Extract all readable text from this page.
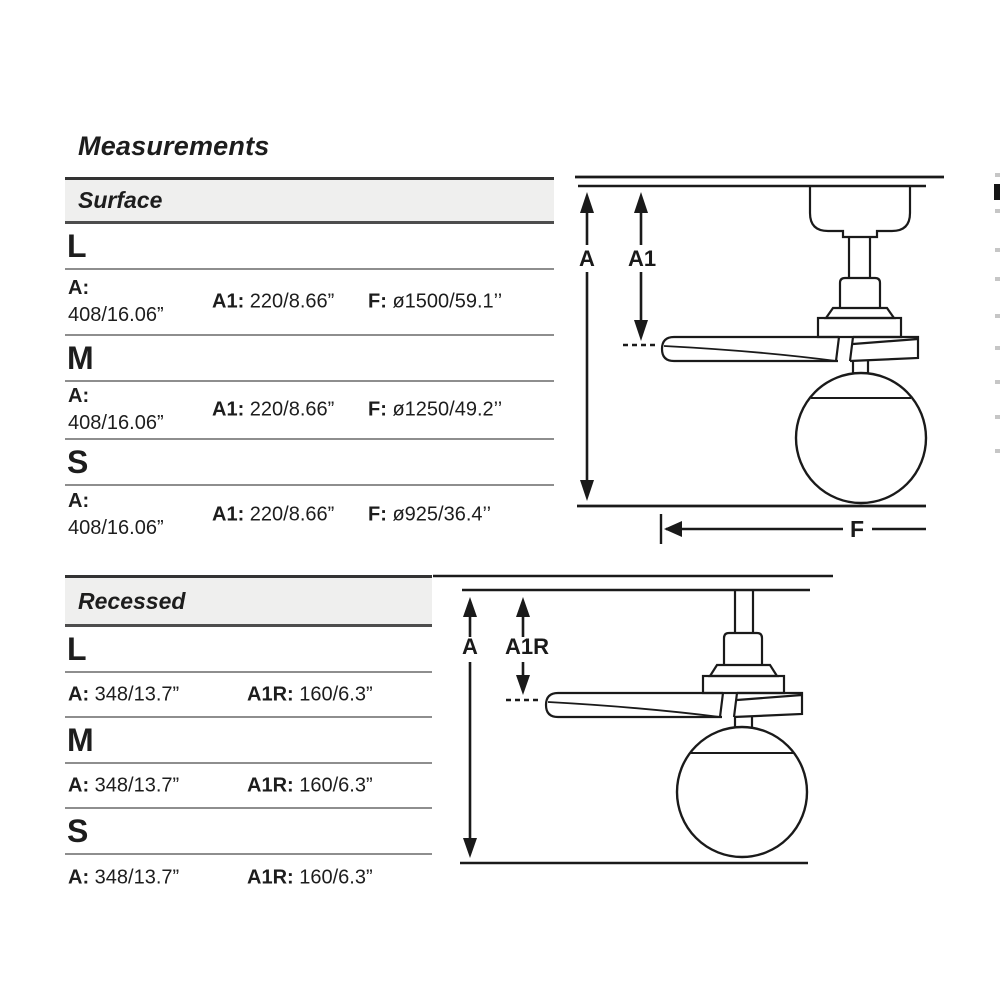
Measurements
Surface
L
A:
408/16.06”
A1: 220/8.66” F: ø1500/59.1’’
M
A:
408/16.06”
A1: 220/8.66” F: ø1250/49.2’’
S
A:
408/16.06”
A1: 220/8.66” F: ø925/36.4’’
Recessed
L
A: 348/13.7”	A1R: 160/6.3”
M
A: 348/13.7”	A1R: 160/6.3”
S
A: 348/13.7”	A1R: 160/6.3”
A A1
F
A A1R
